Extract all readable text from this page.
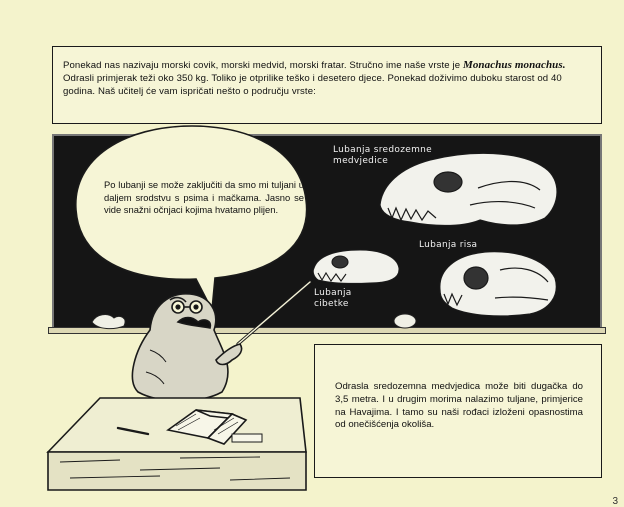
Ponekad nas nazivaju morski covik, morski medvid, morski fratar. Stručno ime naše vrste je Monachus monachus. Odrasli primjerak teži oko 350 kg. Toliko je otprilike teško i desetero djece. Ponekad doživimo duboku starost od 40 godina. Naš učitelj će vam ispričati nešto o području vrste:

Lubanja sredozemne
medvjedice
Lubanja risa
Lubanja
cibetke
Po lubanji se može zaključiti da smo mi tuljani u daljem srodstvu s psima i mačkama. Jasno se vide snažni očnjaci kojima hvatamo plijen.

Odrasla sredozemna medvjedica može biti dugačka do 3,5 metra. I u drugim morima nalazimo tuljane, primjerice na Havajima. I tamo su naši rođaci izloženi opasnostima od onečišćenja okoliša.

3
